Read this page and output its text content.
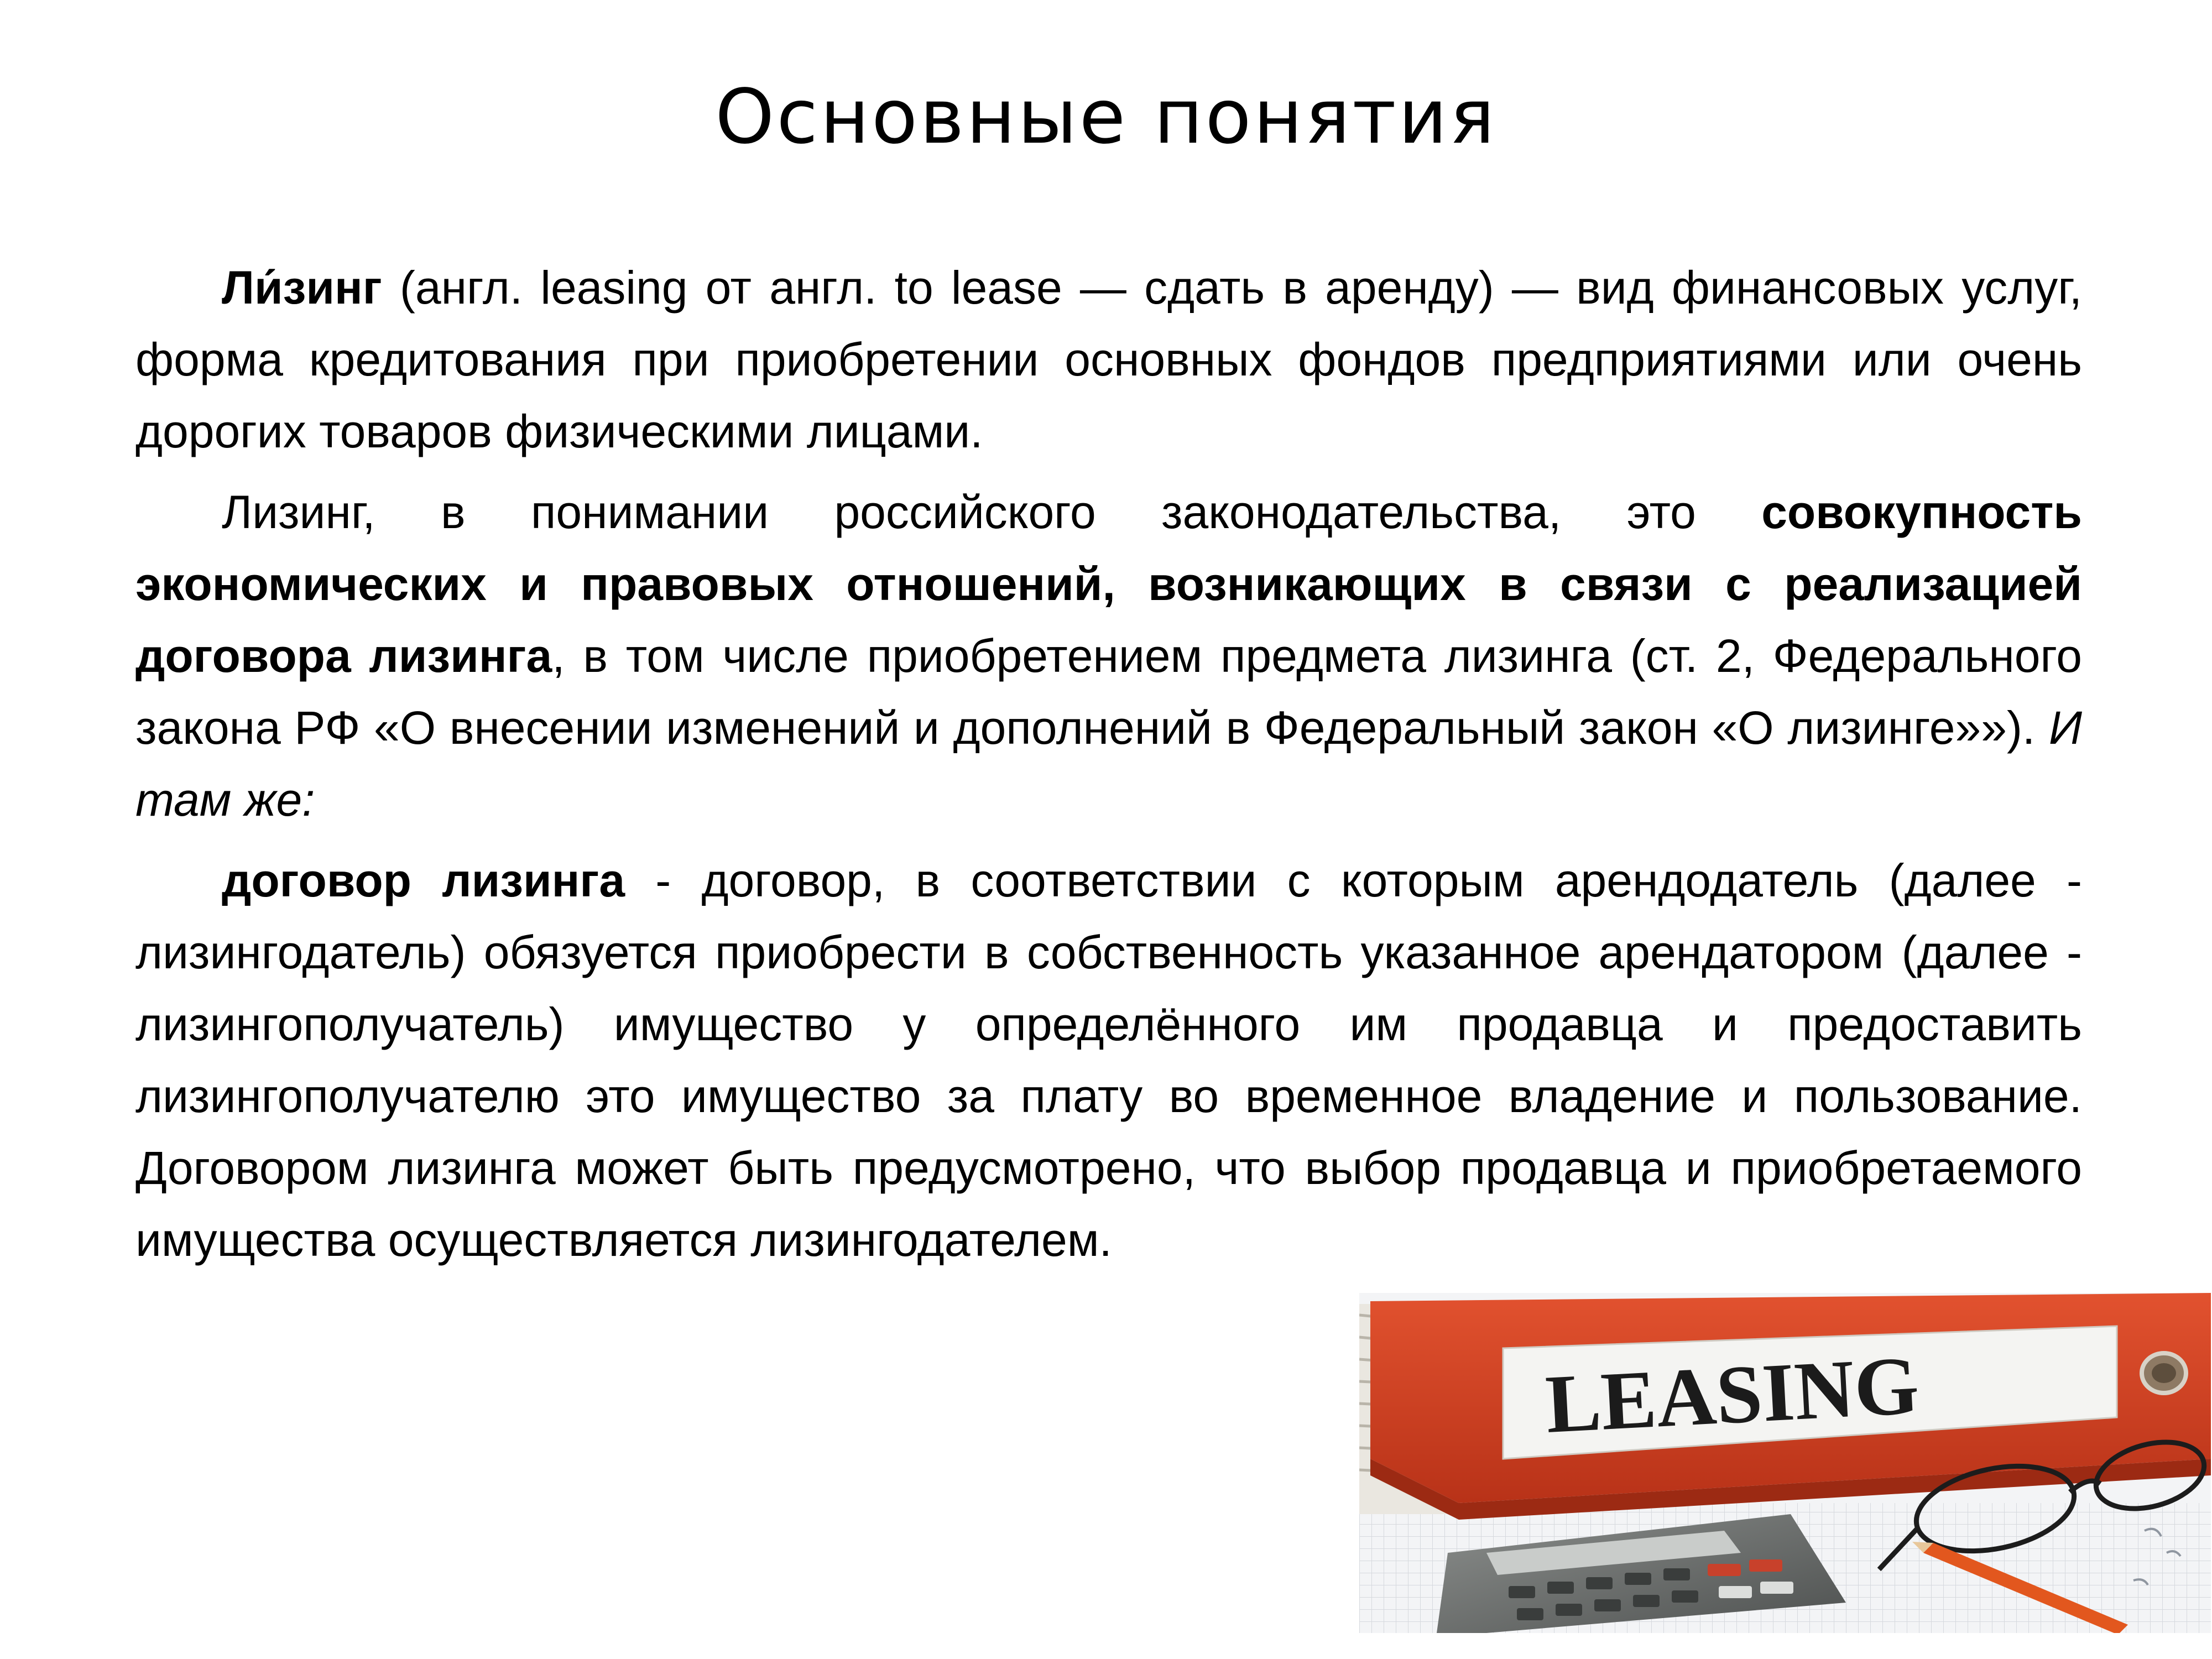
Основные понятия

Ли́зинг (англ. leasing от англ. to lease — сдать в аренду) — вид финансовых услуг, форма кредитования при приобретении основных фондов предприятиями или очень дорогих товаров физическими лицами.

Лизинг, в понимании российского законодательства, это совокупность экономических и правовых отношений, возникающих в связи с реализацией договора лизинга, в том числе приобретением предмета лизинга (ст. 2, Федерального закона РФ «О внесении изменений и дополнений в Федеральный закон «О лизинге»»). И там же:

договор лизинга - договор, в соответствии с которым арендодатель (далее - лизингодатель) обязуется приобрести в собственность указанное арендатором (далее - лизингополучатель) имущество у определённого им продавца и предоставить лизингополучателю это имущество за плату во временное владение и пользование. Договором лизинга может быть предусмотрено, что выбор продавца и приобретаемого имущества осуществляется лизингодателем.

LEASING
